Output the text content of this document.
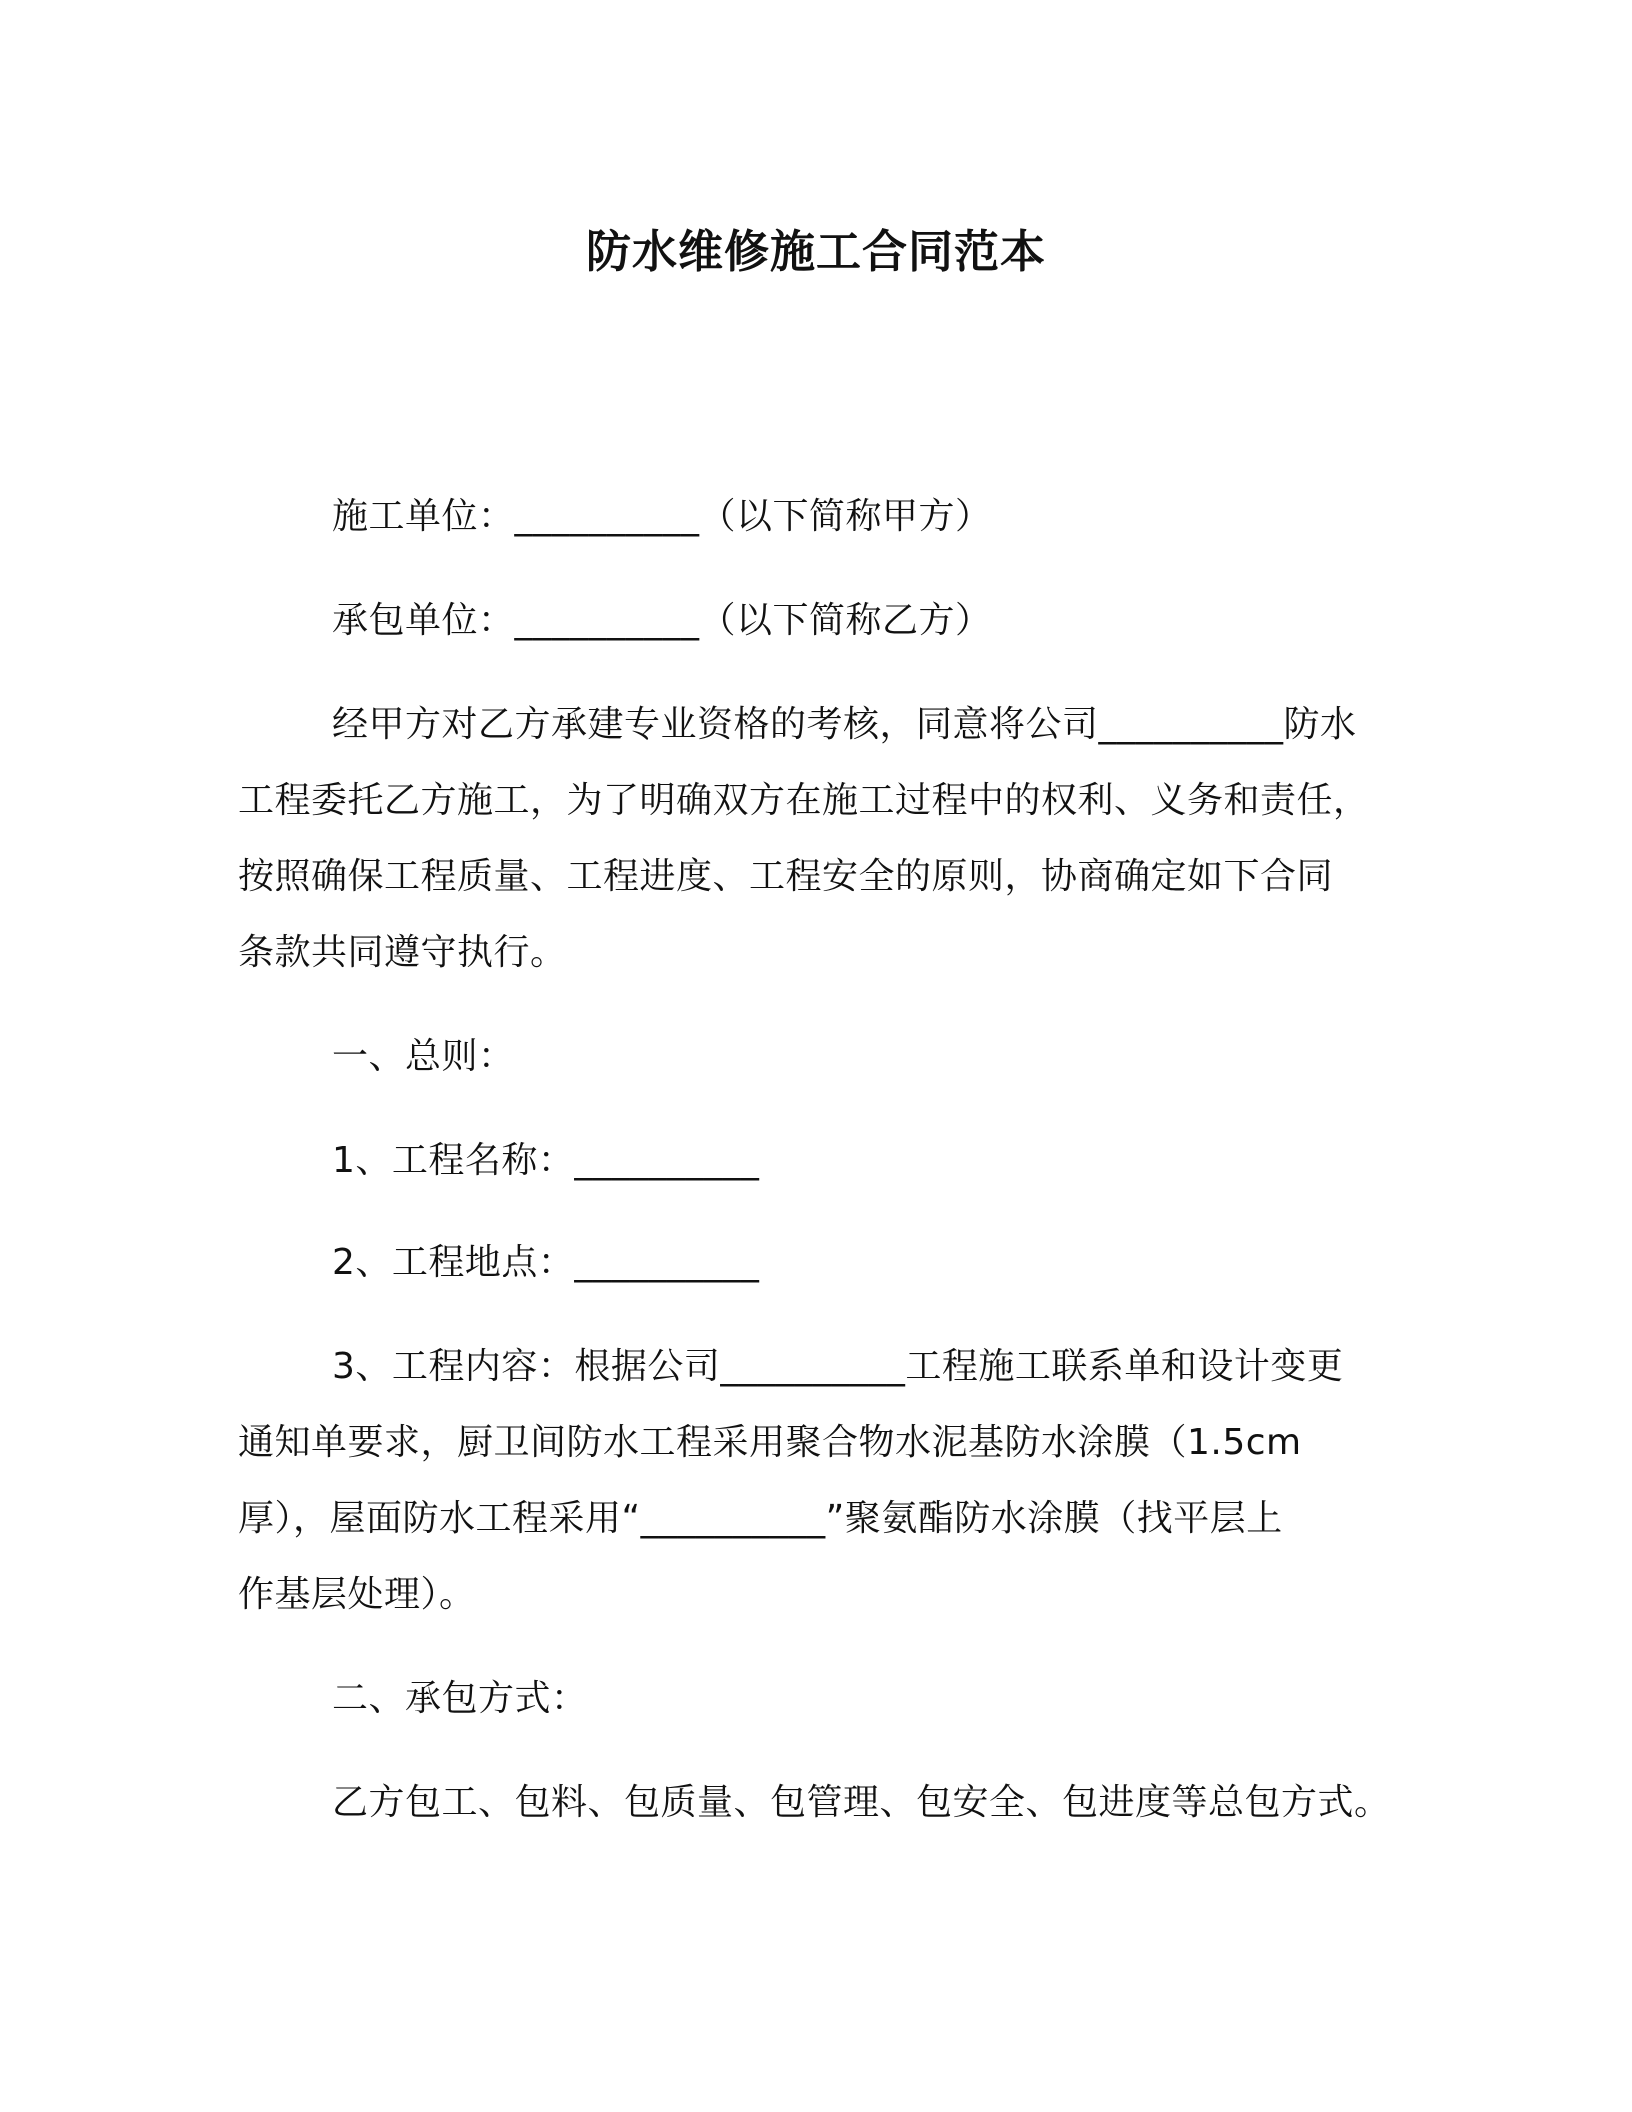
防水维修施工合同范本
施工单位：__________（以下简称甲方）
承包单位：__________（以下简称乙方）
经甲方对乙方承建专业资格的考核，同意将公司__________防水
工程委托乙方施工，为了明确双方在施工过程中的权利、义务和责任，
按照确保工程质量、工程进度、工程安全的原则，协商确定如下合同
条款共同遵守执行。
一、总则：
1、工程名称：__________
2、工程地点：__________
3、工程内容：根据公司__________工程施工联系单和设计变更
通知单要求，厨卫间防水工程采用聚合物水泥基防水涂膜（1.5cm
厚），屋面防水工程采用“__________”聚氨酯防水涂膜（找平层上
作基层处理）。
二、承包方式：
乙方包工、包料、包质量、包管理、包安全、包进度等总包方式。
